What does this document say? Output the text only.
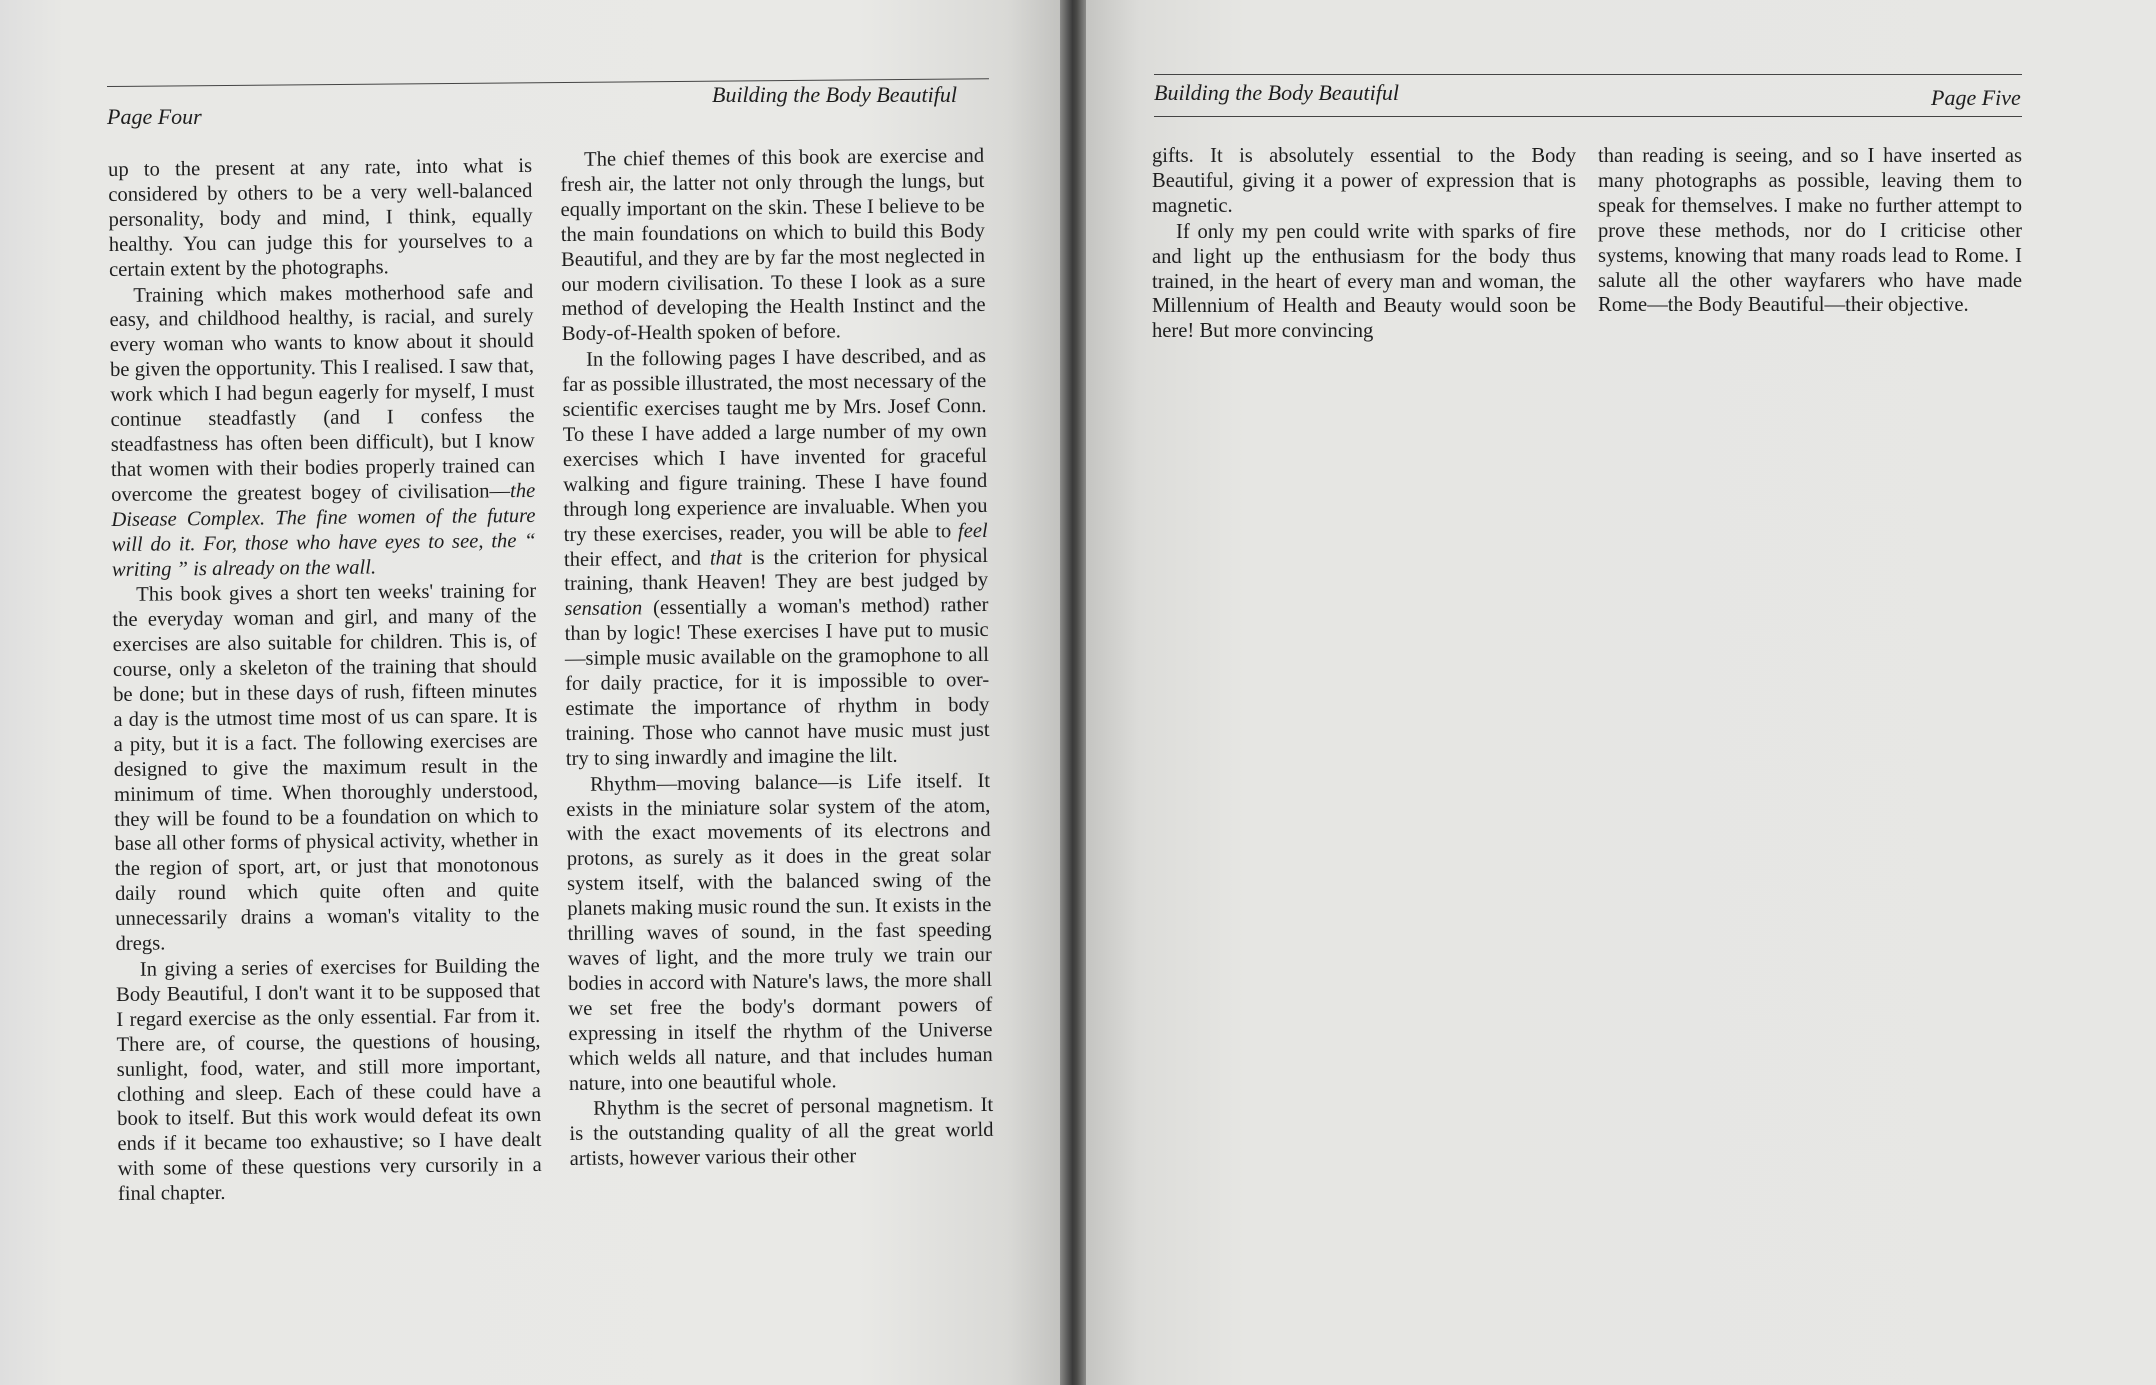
Page Four
Building the Body Beautiful

up to the present at any rate, into what is considered by others to be a very well-balanced personality, body and mind, I think, equally healthy. You can judge this for yourselves to a certain extent by the photographs.

Training which makes motherhood safe and easy, and childhood healthy, is racial, and surely every woman who wants to know about it should be given the opportunity. This I realised. I saw that, work which I had begun eagerly for myself, I must continue steadfastly (and I confess the steadfastness has often been difficult), but I know that women with their bodies properly trained can overcome the greatest bogey of civilisation—the Disease Complex. The fine women of the future will do it. For, those who have eyes to see, the “ writing ” is already on the wall.

This book gives a short ten weeks' training for the everyday woman and girl, and many of the exercises are also suitable for children. This is, of course, only a skeleton of the training that should be done; but in these days of rush, fifteen minutes a day is the utmost time most of us can spare. It is a pity, but it is a fact. The following exercises are designed to give the maximum result in the minimum of time. When thoroughly understood, they will be found to be a foundation on which to base all other forms of physical activity, whether in the region of sport, art, or just that monotonous daily round which quite often and quite unnecessarily drains a woman's vitality to the dregs.

In giving a series of exercises for Building the Body Beautiful, I don't want it to be supposed that I regard exercise as the only essential. Far from it. There are, of course, the questions of housing, sunlight, food, water, and still more important, clothing and sleep. Each of these could have a book to itself. But this work would defeat its own ends if it became too exhaustive; so I have dealt with some of these questions very cursorily in a final chapter.

The chief themes of this book are exercise and fresh air, the latter not only through the lungs, but equally important on the skin. These I believe to be the main foundations on which to build this Body Beautiful, and they are by far the most neglected in our modern civilisation. To these I look as a sure method of developing the Health Instinct and the Body-of-Health spoken of before.

In the following pages I have described, and as far as possible illustrated, the most necessary of the scientific exercises taught me by Mrs. Josef Conn. To these I have added a large number of my own exercises which I have invented for graceful walking and figure training. These I have found through long experience are invaluable. When you try these exercises, reader, you will be able to feel their effect, and that is the criterion for physical training, thank Heaven! They are best judged by sensation (essentially a woman's method) rather than by logic! These exercises I have put to music—simple music available on the gramophone to all for daily practice, for it is impossible to over-estimate the importance of rhythm in body training. Those who cannot have music must just try to sing inwardly and imagine the lilt.

Rhythm—moving balance—is Life itself. It exists in the miniature solar system of the atom, with the exact movements of its electrons and protons, as surely as it does in the great solar system itself, with the balanced swing of the planets making music round the sun. It exists in the thrilling waves of sound, in the fast speeding waves of light, and the more truly we train our bodies in accord with Nature's laws, the more shall we set free the body's dormant powers of expressing in itself the rhythm of the Universe which welds all nature, and that includes human nature, into one beautiful whole.

Rhythm is the secret of personal magnetism. It is the outstanding quality of all the great world artists, however various their other

Building the Body Beautiful	Page Five

gifts. It is absolutely essential to the Body Beautiful, giving it a power of expression that is magnetic.

If only my pen could write with sparks of fire and light up the enthusiasm for the body thus trained, in the heart of every man and woman, the Millennium of Health and Beauty would soon be here! But more convincing

than reading is seeing, and so I have inserted as many photographs as possible, leaving them to speak for themselves. I make no further attempt to prove these methods, nor do I criticise other systems, knowing that many roads lead to Rome. I salute all the other wayfarers who have made Rome—the Body Beautiful—their objective.
